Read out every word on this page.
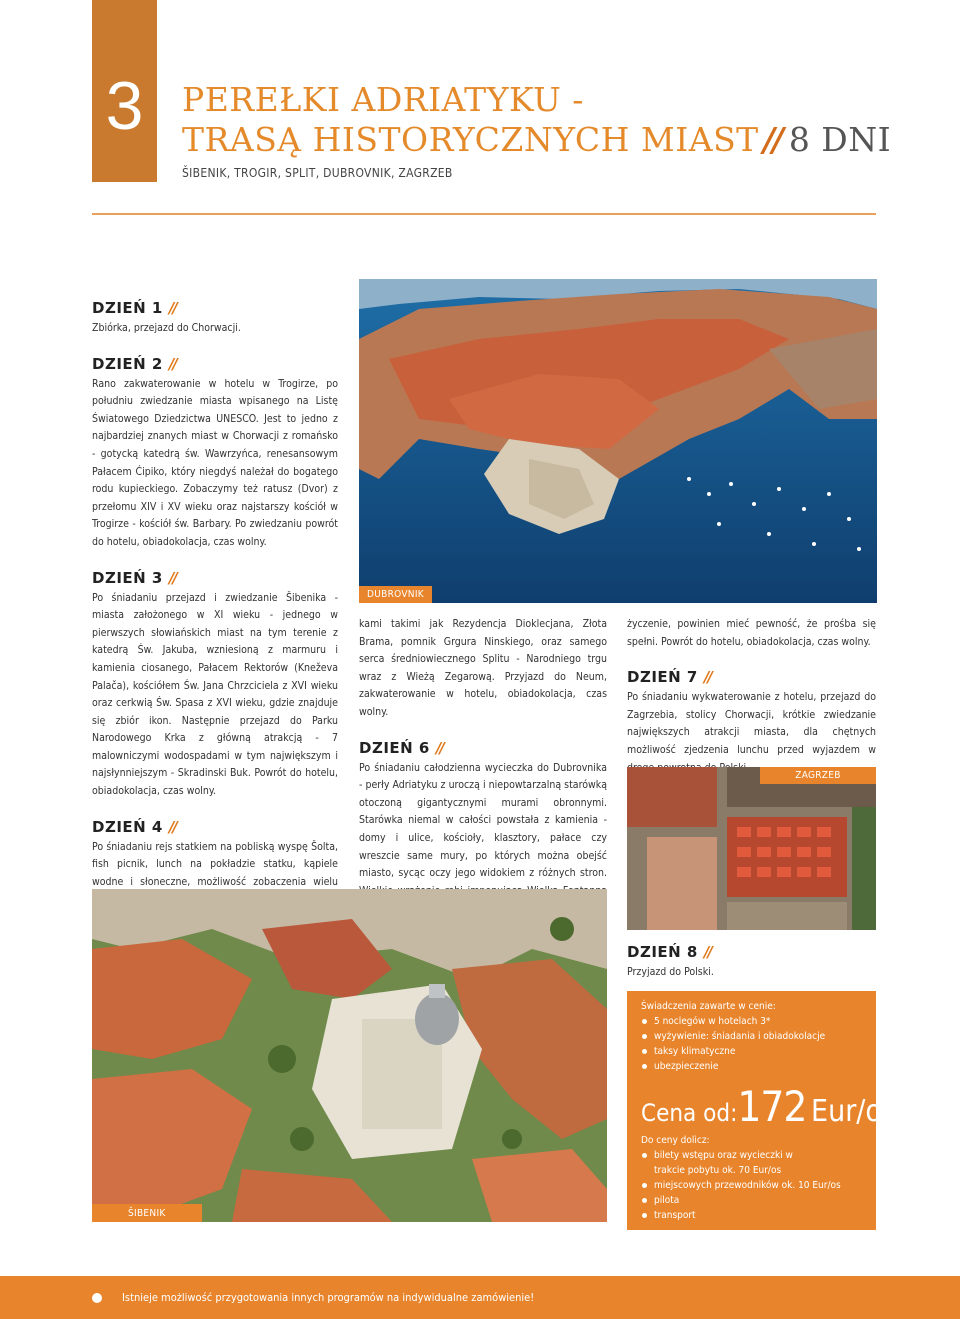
3	PEREŁKI ADRIATYKU -
TRASĄ HISTORYCZNYCH MIAST // 8 DNI
ŠIBENIK, TROGIR, SPLIT, DUBROVNIK, ZAGRZEB
DZIEŃ 1 //

Zbiórka, przejazd do Chorwacji.

DZIEŃ 2 //

Rano zakwaterowanie w hotelu w Trogirze, po południu zwiedzanie miasta wpisanego na Listę Światowego Dziedzictwa UNESCO. Jest to jedno z najbardziej znanych miast w Chorwacji z romańsko - gotycką katedrą św. Wawrzyńca, renesansowym Pałacem Ćipiko, który niegdyś należał do bogatego rodu kupieckiego. Zobaczymy też ratusz (Dvor) z przełomu XIV i XV wieku oraz najstarszy kościół w Trogirze - kościół św. Barbary. Po zwiedzaniu powrót do hotelu, obiadokolacja, czas wolny.

DZIEŃ 3 //

Po śniadaniu przejazd i zwiedzanie Šibenika - miasta założonego w XI wieku - jednego w pierwszych słowiańskich miast na tym terenie z katedrą Św. Jakuba, wzniesioną z marmuru i kamienia ciosanego, Pałacem Rektorów (Kneževa Palača), kościółem Św. Jana Chrzciciela z XVI wieku oraz cerkwią Św. Spasa z XVI wieku, gdzie znajduje się zbiór ikon. Następnie przejazd do Parku Narodowego Krka z główną atrakcją - 7 malowniczymi wodospadami w tym największym i najsłynniejszym - Skradinski Buk. Powrót do hotelu, obiadokolacja, czas wolny.

DZIEŃ 4 //

Po śniadaniu rejs statkiem na pobliską wyspę Šolta, fish picnik, lunch na pokładzie statku, kąpiele wodne i słoneczne, możliwość zobaczenia wielu

DUBROVNIK

kami takimi jak Rezydencja Dioklecjana, Złota Brama, pomnik Grgura Ninskiego, oraz samego serca średniowiecznego Splitu - Narodniego trgu wraz z Wieżą Zegarową. Przyjazd do Neum, zakwaterowanie w hotelu, obiadokolacja, czas wolny.

DZIEŃ 6 //

Po śniadaniu całodzienna wycieczka do Dubrovnika - perły Adriatyku z uroczą i niepowtarzalną starówką otoczoną gigantycznymi murami obronnymi. Starówka niemal w całości powstała z kamienia - domy i ulice, kościoły, klasztory, pałace czy wreszcie same mury, po których można obejść miasto, sycąc oczy jego widokiem z różnych stron.

życzenie, powinien mieć pewność, że prośba się spełni. Powrót do hotelu, obiadokolacja, czas wolny.

DZIEŃ 7 //

Po śniadaniu wykwaterowanie z hotelu, przejazd do Zagrzebia, stolicy Chorwacji, krótkie zwiedzanie największych atrakcji miasta, dla chętnych możliwość zjedzenia lunchu przed wyjazdem w

ZAGRZEB
DZIEŃ 8 //

Przyjazd do Polski.

ŠIBENIK
Świadczenia zawarte w cenie:
5 noclegów w hotelach 3*
wyżywienie: śniadania i obiadokolacje
taksy klimatyczne
ubezpieczenie
Cena od:172 Eur/os
Do ceny dolicz:
bilety wstępu oraz wycieczki w trakcie pobytu ok. 70 Eur/os
miejscowych przewodników ok. 10 Eur/os
pilota
transport
Istnieje możliwość przygotowania innych programów na indywidualne zamówienie!
